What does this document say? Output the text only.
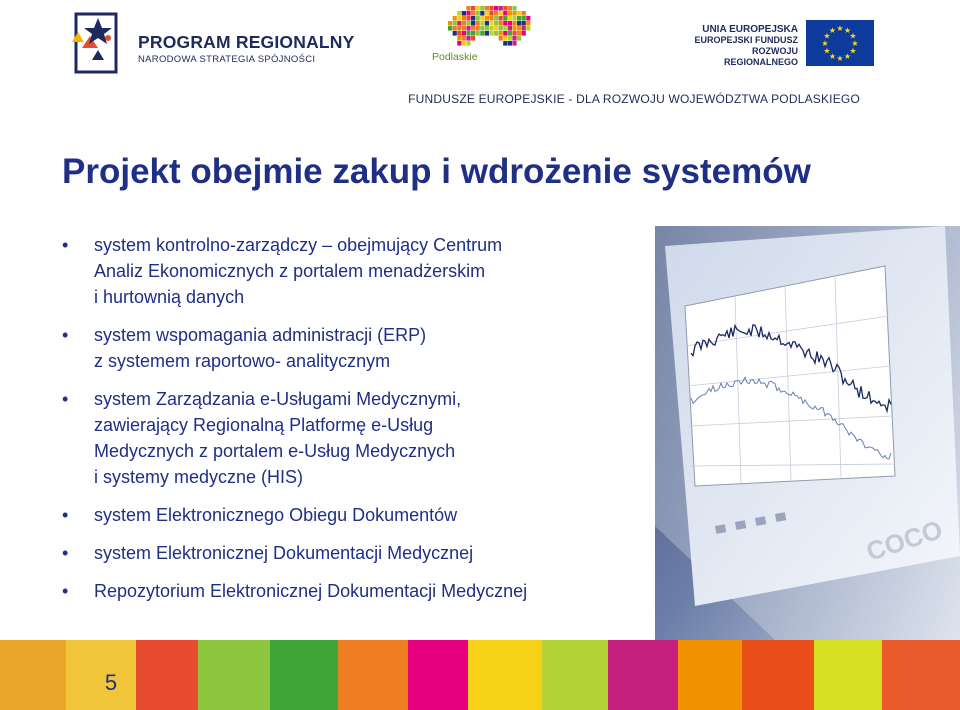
PROGRAM REGIONALNY
NARODOWA STRATEGIA SPÓJNOŚCI	Podlaskie
UNIA EUROPEJSKA
EUROPEJSKI FUNDUSZ
ROZWOJU REGIONALNEGO
★
★
★
★
★
★
★
★
★ ★ ★
★
FUNDUSZE EUROPEJSKIE - DLA ROZWOJU WOJEWÓDZTWA PODLASKIEGO
Projekt obejmie zakup i wdrożenie systemów
• system kontrolno-zarządczy – obejmujący Centrum
Analiz Ekonomicznych z portalem menadżerskim
i hurtownią danych
• system wspomagania administracji (ERP)
z systemem raportowo- analitycznym
• system Zarządzania e-Usługami Medycznymi,
zawierający Regionalną Platformę e-Usług
Medycznych z portalem e-Usług Medycznych
i systemy medyczne (HIS)
• system Elektronicznego Obiegu Dokumentów
• system Elektronicznej Dokumentacji Medycznej
• Repozytorium Elektronicznej Dokumentacji Medycznej
COCO
5
